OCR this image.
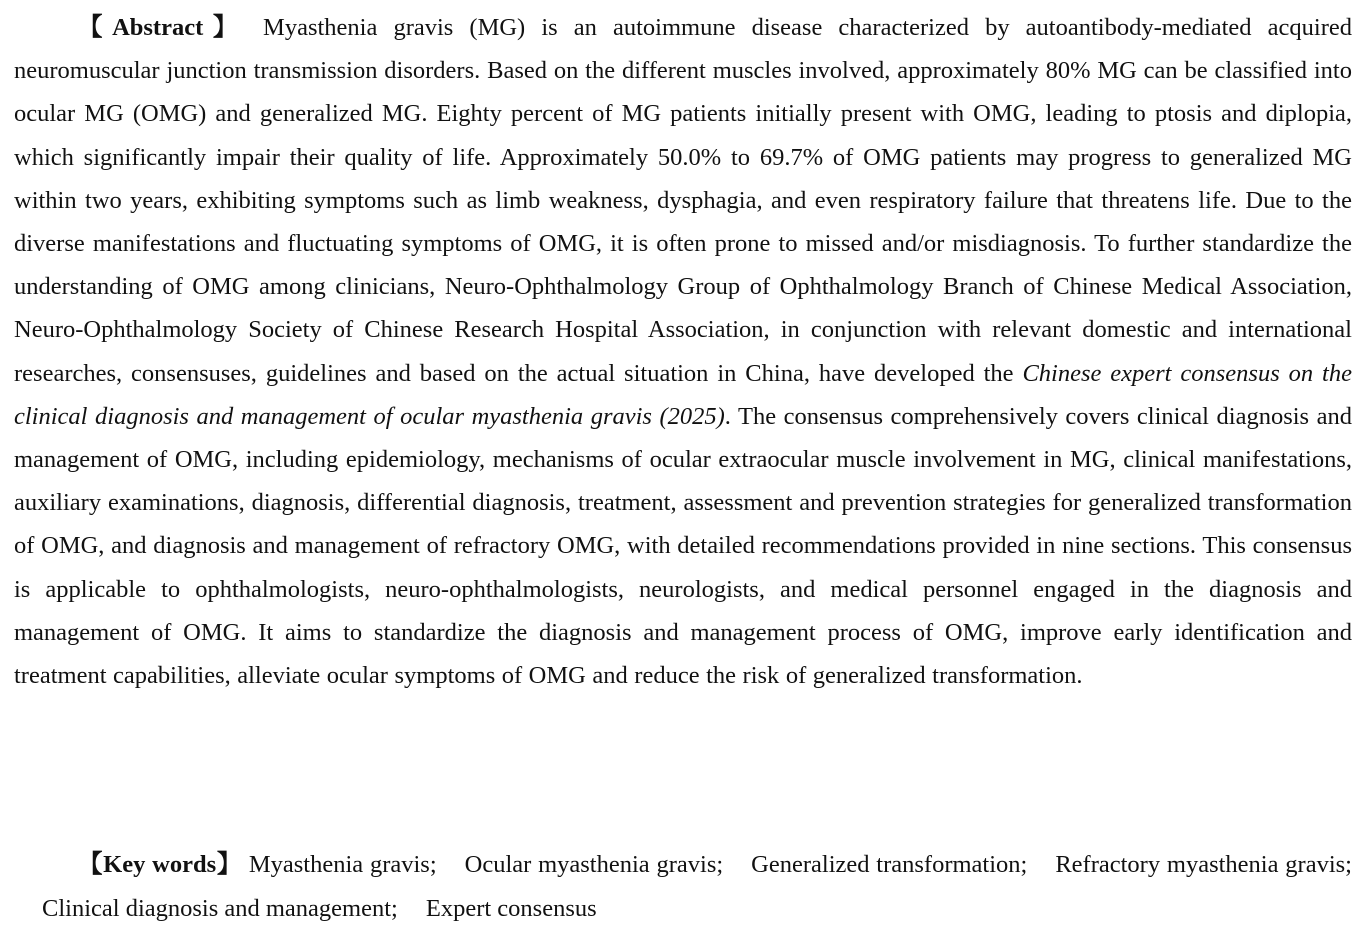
【Abstract】 Myasthenia gravis (MG) is an autoimmune disease characterized by autoantibody-mediated acquired neuromuscular junction transmission disorders. Based on the different muscles involved, approximately 80% MG can be classified into ocular MG (OMG) and generalized MG. Eighty percent of MG patients initially present with OMG, leading to ptosis and diplopia, which significantly impair their quality of life. Approximately 50.0% to 69.7% of OMG patients may progress to generalized MG within two years, exhibiting symptoms such as limb weakness, dysphagia, and even respiratory failure that threatens life. Due to the diverse manifestations and fluctuating symptoms of OMG, it is often prone to missed and/or misdiagnosis. To further standardize the understanding of OMG among clinicians, Neuro-Ophthalmology Group of Ophthalmology Branch of Chinese Medical Association, Neuro-Ophthalmology Society of Chinese Research Hospital Association, in conjunction with relevant domestic and international researches, consensuses, guidelines and based on the actual situation in China, have developed the Chinese expert consensus on the clinical diagnosis and management of ocular myasthenia gravis (2025). The consensus comprehensively covers clinical diagnosis and management of OMG, including epidemiology, mechanisms of ocular extraocular muscle involvement in MG, clinical manifestations, auxiliary examinations, diagnosis, differential diagnosis, treatment, assessment and prevention strategies for generalized transformation of OMG, and diagnosis and management of refractory OMG, with detailed recommendations provided in nine sections. This consensus is applicable to ophthalmologists, neuro-ophthalmologists, neurologists, and medical personnel engaged in the diagnosis and management of OMG. It aims to standardize the diagnosis and management process of OMG, improve early identification and treatment capabilities, alleviate ocular symptoms of OMG and reduce the risk of generalized transformation.

【Key words】 Myasthenia gravis; Ocular myasthenia gravis; Generalized transformation; Refractory myasthenia gravis;Clinical diagnosis and management; Expert consensus
